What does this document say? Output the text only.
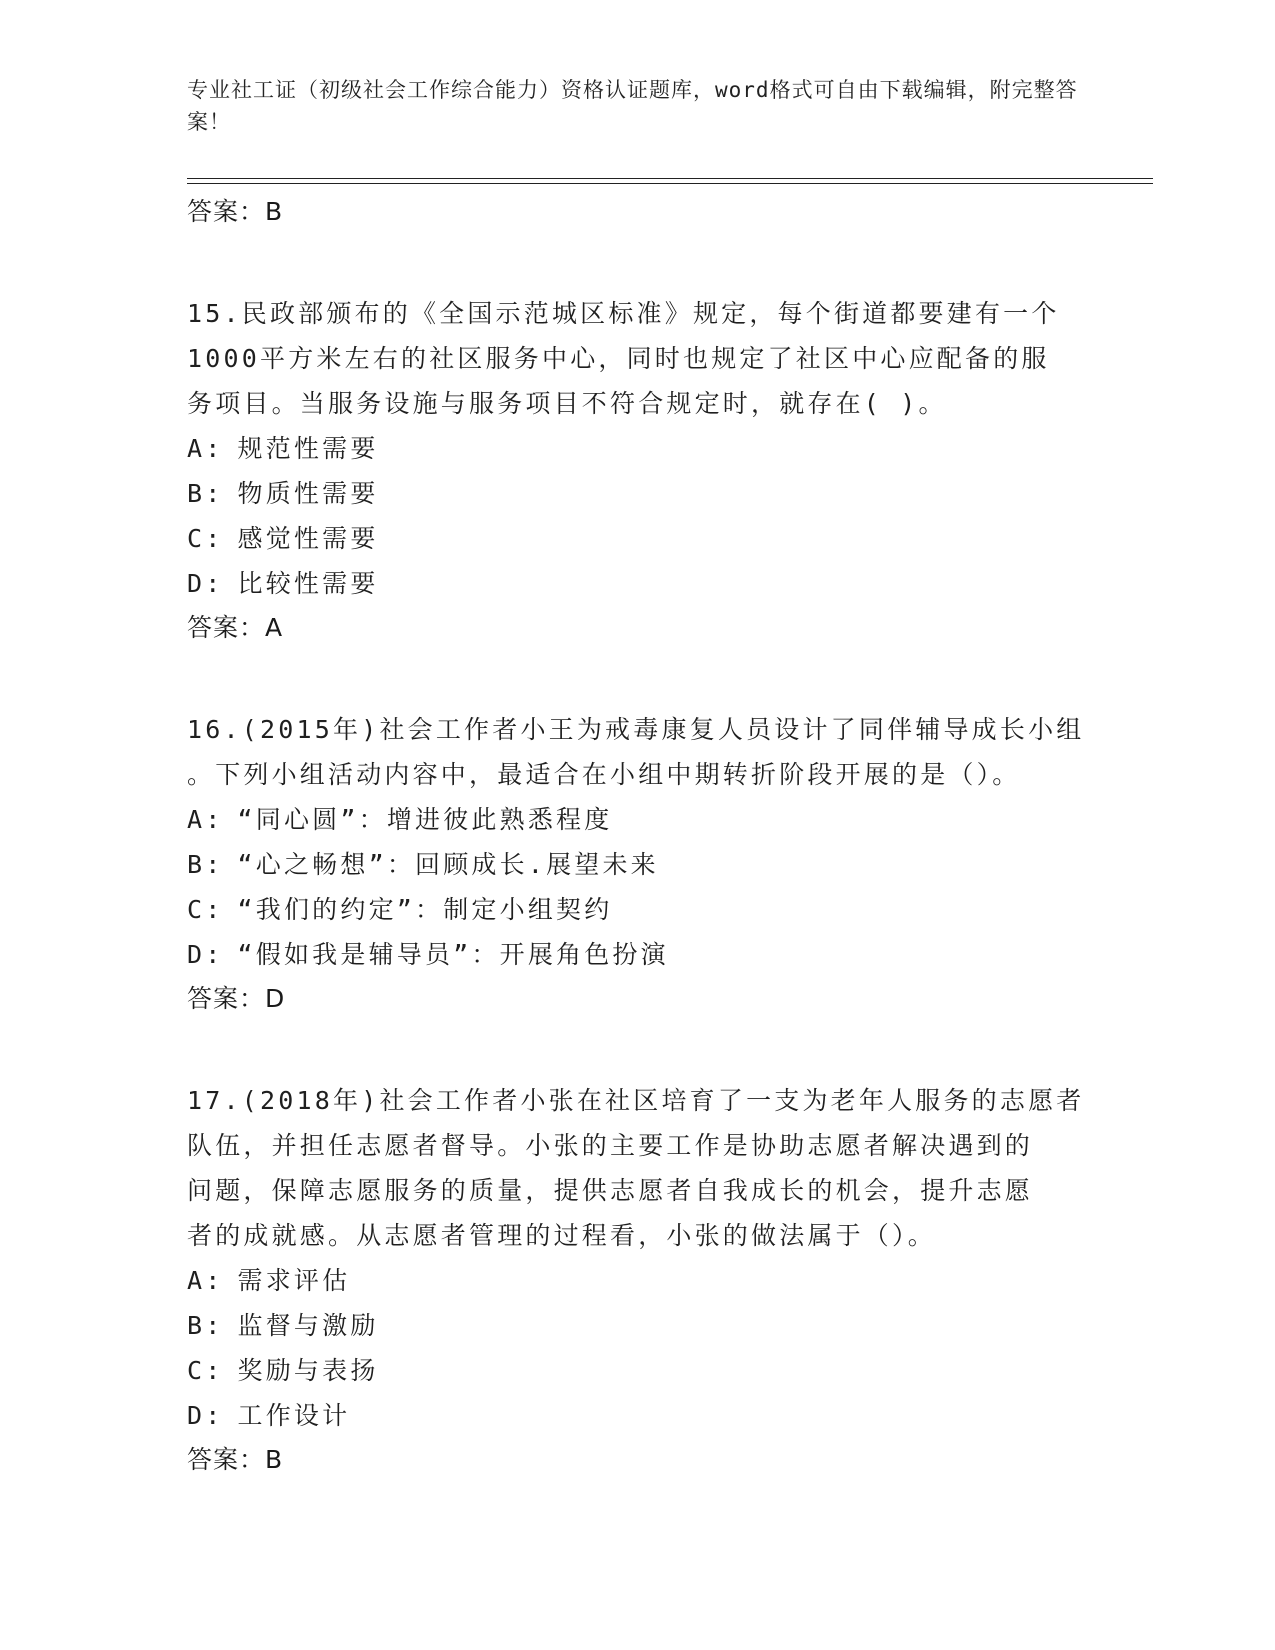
专业社工证（初级社会工作综合能力）资格认证题库，word格式可自由下载编辑，附完整答案！
答案：B
15.民政部颁布的《全国示范城区标准》规定，每个街道都要建有一个
1000平方米左右的社区服务中心，同时也规定了社区中心应配备的服
务项目。当服务设施与服务项目不符合规定时，就存在( )。
A: 规范性需要
B: 物质性需要
C: 感觉性需要
D: 比较性需要
答案：A
16.(2015年)社会工作者小王为戒毒康复人员设计了同伴辅导成长小组
。下列小组活动内容中，最适合在小组中期转折阶段开展的是（）。
A: “同心圆”：增进彼此熟悉程度
B: “心之畅想”：回顾成长.展望未来
C: “我们的约定”：制定小组契约
D: “假如我是辅导员”：开展角色扮演
答案：D
17.(2018年)社会工作者小张在社区培育了一支为老年人服务的志愿者
队伍，并担任志愿者督导。小张的主要工作是协助志愿者解决遇到的
问题，保障志愿服务的质量，提供志愿者自我成长的机会，提升志愿
者的成就感。从志愿者管理的过程看，小张的做法属于（）。
A: 需求评估
B: 监督与激励
C: 奖励与表扬
D: 工作设计
答案：B
